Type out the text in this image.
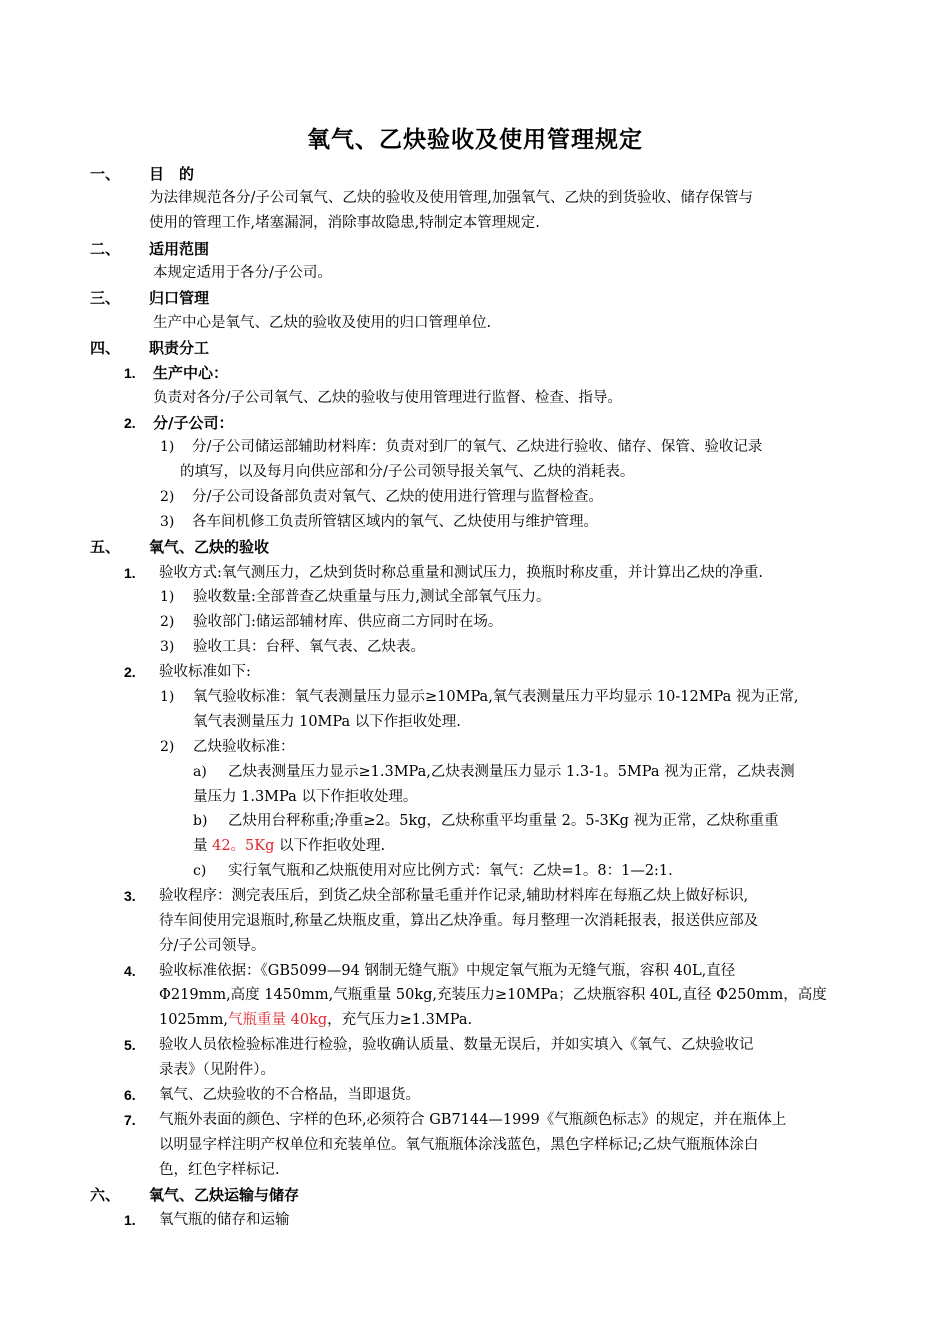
氧气、乙炔验收及使用管理规定
一、 目　的
为法律规范各分/子公司氧气、乙炔的验收及使用管理,加强氧气、乙炔的到货验收、储存保管与
使用的管理工作,堵塞漏洞，消除事故隐患,特制定本管理规定.
二、 适用范围
本规定适用于各分/子公司。
三、 归口管理
生产中心是氧气、乙炔的验收及使用的归口管理单位.
四、 职责分工
1. 生产中心：
负责对各分/子公司氧气、乙炔的验收与使用管理进行监督、检查、指导。
2. 分/子公司：
1) 分/子公司储运部辅助材料库：负责对到厂的氧气、乙炔进行验收、储存、保管、验收记录
的填写，以及每月向供应部和分/子公司领导报关氧气、乙炔的消耗表。
2) 分/子公司设备部负责对氧气、乙炔的使用进行管理与监督检查。
3) 各车间机修工负责所管辖区域内的氧气、乙炔使用与维护管理。
五、 氧气、乙炔的验收
1. 验收方式:氧气测压力，乙炔到货时称总重量和测试压力，换瓶时称皮重，并计算出乙炔的净重.
1) 验收数量:全部普查乙炔重量与压力,测试全部氧气压力。
2) 验收部门:储运部辅材库、供应商二方同时在场。
3) 验收工具：台秤、氧气表、乙炔表。
2. 验收标准如下:
1) 氧气验收标准：氧气表测量压力显示≥10MPa,氧气表测量压力平均显示 10-12MPa 视为正常,
氧气表测量压力 10MPa 以下作拒收处理.
2) 乙炔验收标准：
a) 乙炔表测量压力显示≥1.3MPa,乙炔表测量压力显示 1.3-1。5MPa 视为正常，乙炔表测
量压力 1.3MPa 以下作拒收处理。
b) 乙炔用台秤称重;净重≥2。5kg，乙炔称重平均重量 2。5-3Kg 视为正常，乙炔称重重
量 42。5Kg 以下作拒收处理.
c) 实行氧气瓶和乙炔瓶使用对应比例方式：氧气：乙炔=1。8：1—2:1.
3. 验收程序：测完表压后，到货乙炔全部称量毛重并作记录,辅助材料库在每瓶乙炔上做好标识,
待车间使用完退瓶时,称量乙炔瓶皮重，算出乙炔净重。每月整理一次消耗报表，报送供应部及
分/子公司领导。
4. 验收标准依据：《GB5099—94 钢制无缝气瓶》中规定氧气瓶为无缝气瓶，容积 40L,直径
Φ219mm,高度 1450mm,气瓶重量 50kg,充装压力≥10MPa；乙炔瓶容积 40L,直径 Φ250mm，高度
1025mm,气瓶重量 40kg，充气压力≥1.3MPa.
5. 验收人员依检验标准进行检验，验收确认质量、数量无误后，并如实填入《氧气、乙炔验收记
录表》（见附件）。
6. 氧气、乙炔验收的不合格品，当即退货。
7. 气瓶外表面的颜色、字样的色环,必须符合 GB7144—1999《气瓶颜色标志》的规定，并在瓶体上
以明显字样注明产权单位和充装单位。氧气瓶瓶体涂浅蓝色，黑色字样标记;乙炔气瓶瓶体涂白
色，红色字样标记.
六、 氧气、乙炔运输与储存
1. 氧气瓶的储存和运输
